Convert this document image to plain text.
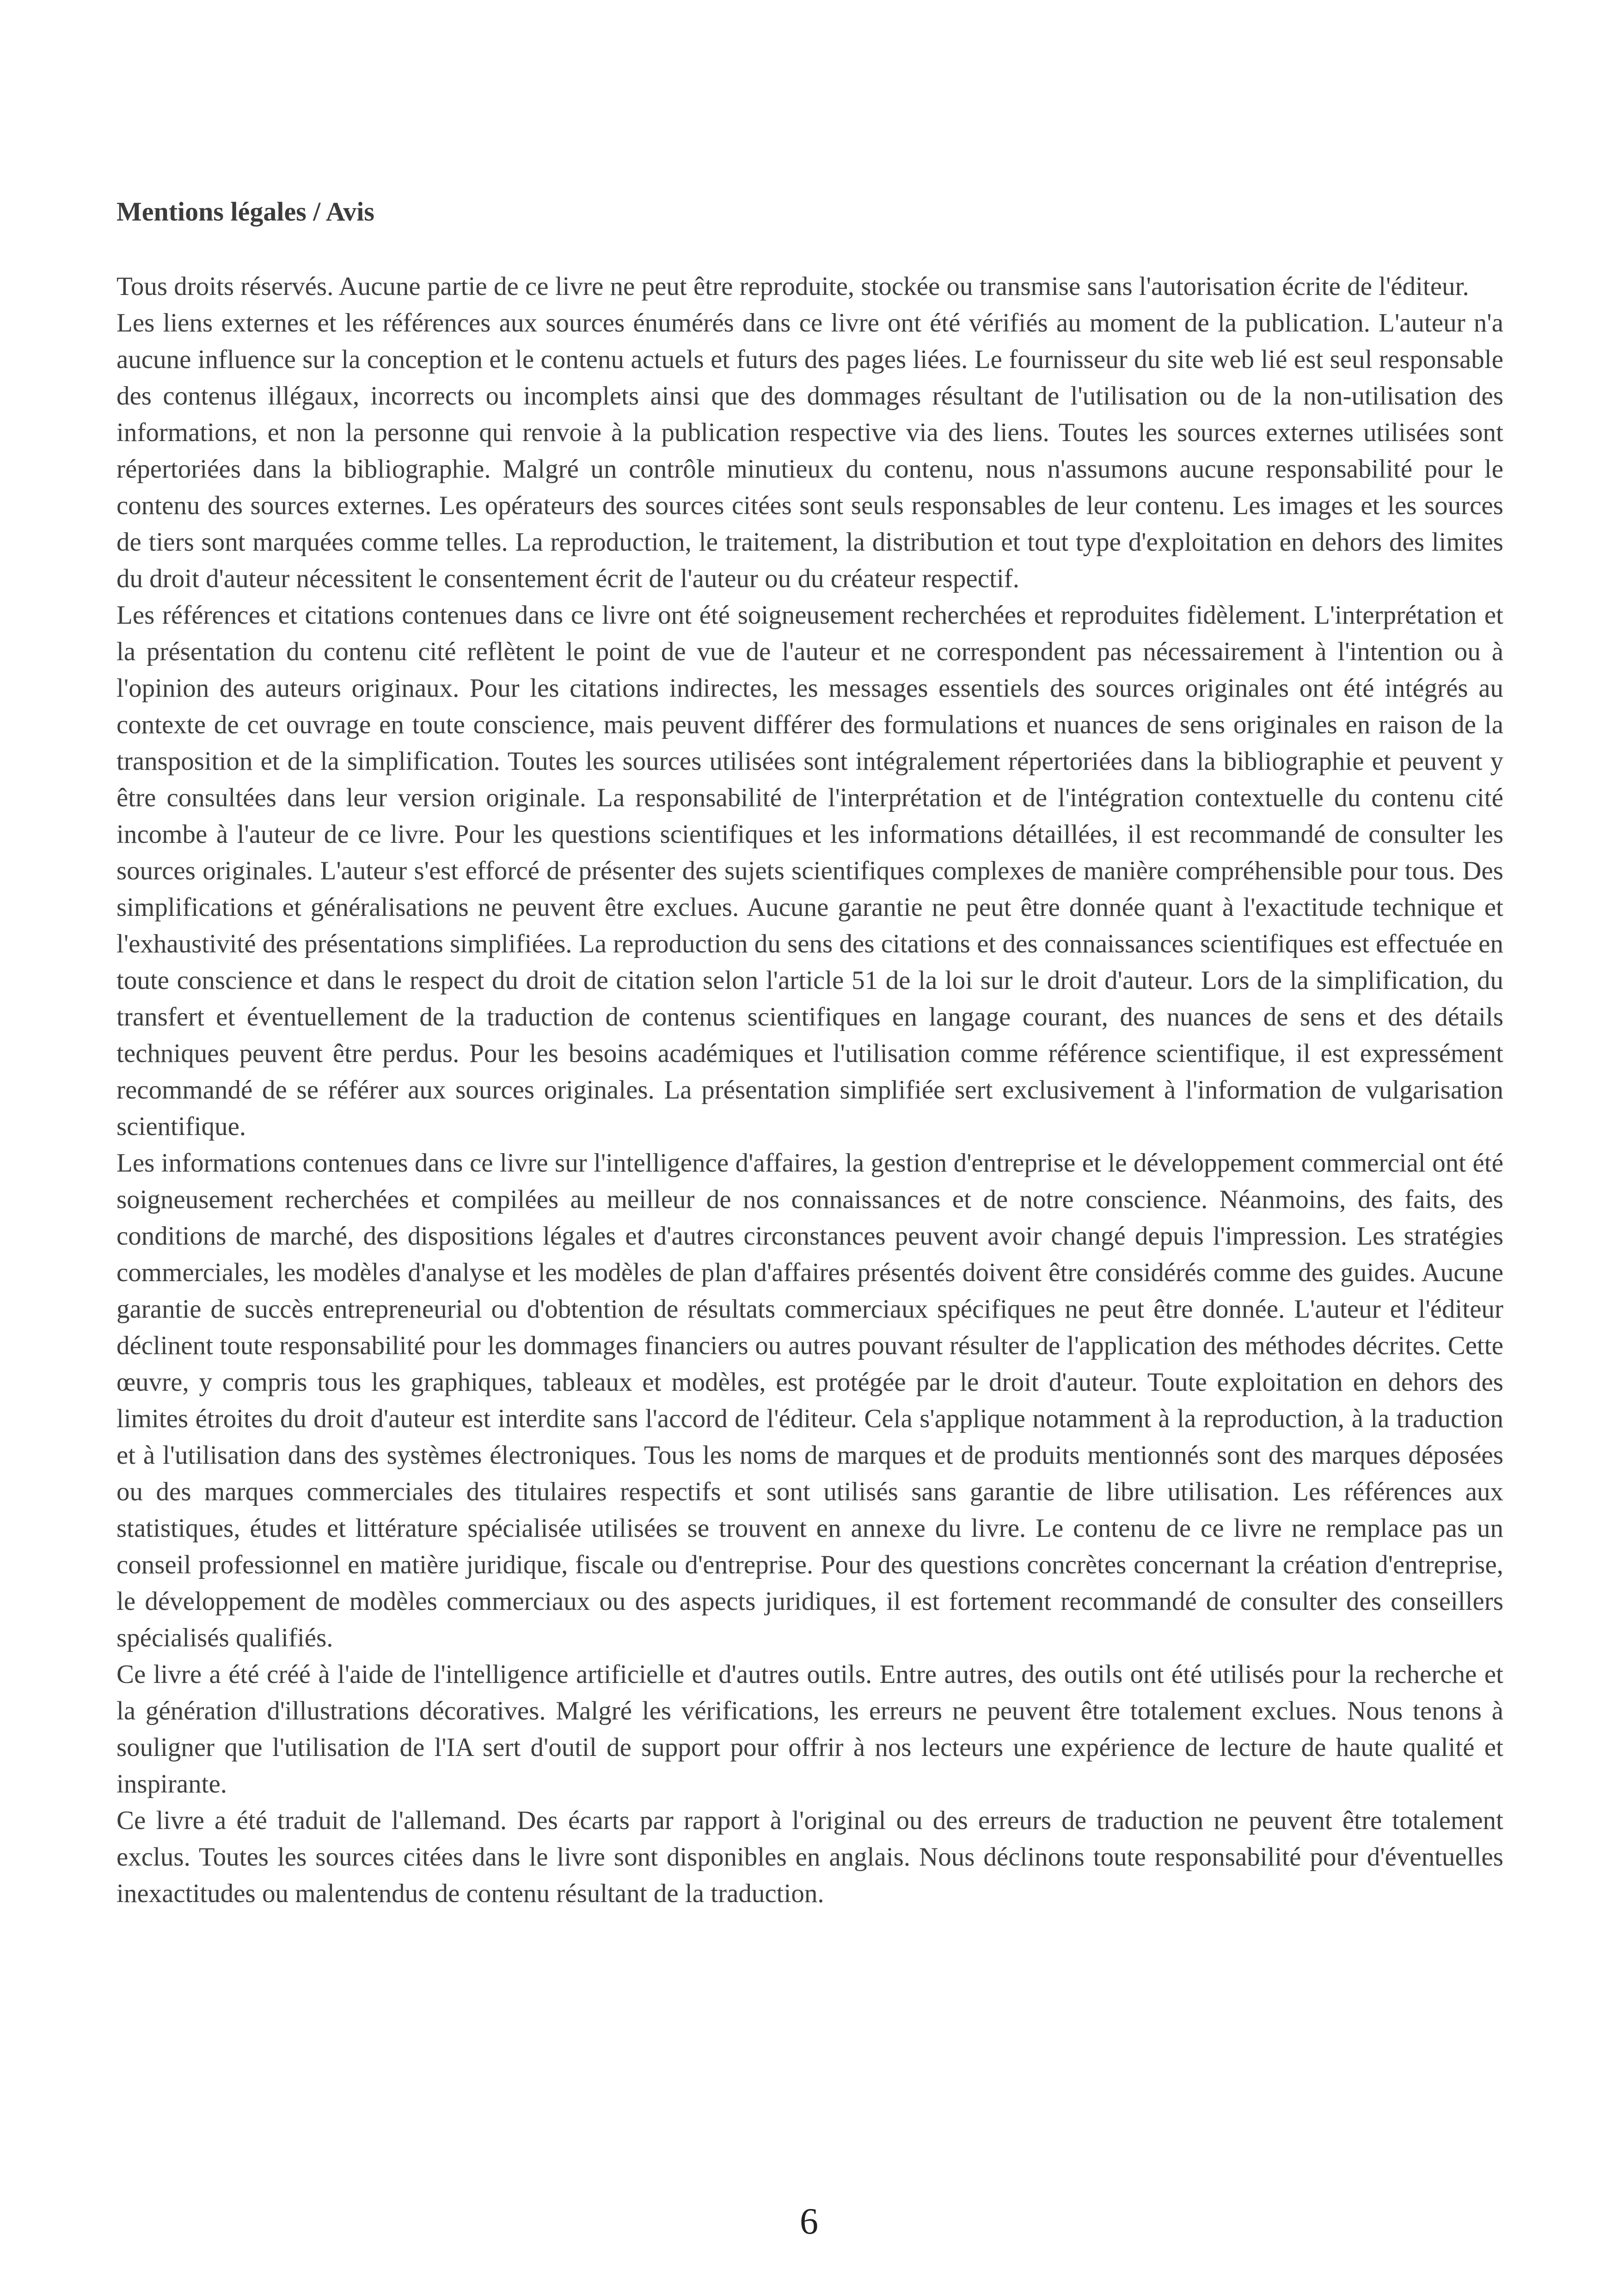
Mentions légales / Avis

Tous droits réservés. Aucune partie de ce livre ne peut être reproduite, stockée ou transmise sans l'autorisation écrite de l'éditeur.

Les liens externes et les références aux sources énumérés dans ce livre ont été vérifiés au moment de la publication. L'auteur n'a aucune influence sur la conception et le contenu actuels et futurs des pages liées. Le fournisseur du site web lié est seul responsable des contenus illégaux, incorrects ou incomplets ainsi que des dommages résultant de l'utilisation ou de la non-utilisation des informations, et non la personne qui renvoie à la publication respective via des liens. Toutes les sources externes utilisées sont répertoriées dans la bibliographie. Malgré un contrôle minutieux du contenu, nous n'assumons aucune responsabilité pour le contenu des sources externes. Les opérateurs des sources citées sont seuls responsables de leur contenu. Les images et les sources de tiers sont marquées comme telles. La reproduction, le traitement, la distribution et tout type d'exploitation en dehors des limites du droit d'auteur nécessitent le consentement écrit de l'auteur ou du créateur respectif.

Les références et citations contenues dans ce livre ont été soigneusement recherchées et reproduites fidèlement. L'interprétation et la présentation du contenu cité reflètent le point de vue de l'auteur et ne correspondent pas nécessairement à l'intention ou à l'opinion des auteurs originaux. Pour les citations indirectes, les messages essentiels des sources originales ont été intégrés au contexte de cet ouvrage en toute conscience, mais peuvent différer des formulations et nuances de sens originales en raison de la transposition et de la simplification. Toutes les sources utilisées sont intégralement répertoriées dans la bibliographie et peuvent y être consultées dans leur version originale. La responsabilité de l'interprétation et de l'intégration contextuelle du contenu cité incombe à l'auteur de ce livre. Pour les questions scientifiques et les informations détaillées, il est recommandé de consulter les sources originales. L'auteur s'est efforcé de présenter des sujets scientifiques complexes de manière compréhensible pour tous. Des simplifications et généralisations ne peuvent être exclues. Aucune garantie ne peut être donnée quant à l'exactitude technique et l'exhaustivité des présentations simplifiées. La reproduction du sens des citations et des connaissances scientifiques est effectuée en toute conscience et dans le respect du droit de citation selon l'article 51 de la loi sur le droit d'auteur. Lors de la simplification, du transfert et éventuellement de la traduction de contenus scientifiques en langage courant, des nuances de sens et des détails techniques peuvent être perdus. Pour les besoins académiques et l'utilisation comme référence scientifique, il est expressément recommandé de se référer aux sources originales. La présentation simplifiée sert exclusivement à l'information de vulgarisation scientifique.

Les informations contenues dans ce livre sur l'intelligence d'affaires, la gestion d'entreprise et le développement commercial ont été soigneusement recherchées et compilées au meilleur de nos connaissances et de notre conscience. Néanmoins, des faits, des conditions de marché, des dispositions légales et d'autres circonstances peuvent avoir changé depuis l'impression. Les stratégies commerciales, les modèles d'analyse et les modèles de plan d'affaires présentés doivent être considérés comme des guides. Aucune garantie de succès entrepreneurial ou d'obtention de résultats commerciaux spécifiques ne peut être donnée. L'auteur et l'éditeur déclinent toute responsabilité pour les dommages financiers ou autres pouvant résulter de l'application des méthodes décrites. Cette œuvre, y compris tous les graphiques, tableaux et modèles, est protégée par le droit d'auteur. Toute exploitation en dehors des limites étroites du droit d'auteur est interdite sans l'accord de l'éditeur. Cela s'applique notamment à la reproduction, à la traduction et à l'utilisation dans des systèmes électroniques. Tous les noms de marques et de produits mentionnés sont des marques déposées ou des marques commerciales des titulaires respectifs et sont utilisés sans garantie de libre utilisation. Les références aux statistiques, études et littérature spécialisée utilisées se trouvent en annexe du livre. Le contenu de ce livre ne remplace pas un conseil professionnel en matière juridique, fiscale ou d'entreprise. Pour des questions concrètes concernant la création d'entreprise, le développement de modèles commerciaux ou des aspects juridiques, il est fortement recommandé de consulter des conseillers spécialisés qualifiés.

Ce livre a été créé à l'aide de l'intelligence artificielle et d'autres outils. Entre autres, des outils ont été utilisés pour la recherche et la génération d'illustrations décoratives. Malgré les vérifications, les erreurs ne peuvent être totalement exclues. Nous tenons à souligner que l'utilisation de l'IA sert d'outil de support pour offrir à nos lecteurs une expérience de lecture de haute qualité et inspirante.

Ce livre a été traduit de l'allemand. Des écarts par rapport à l'original ou des erreurs de traduction ne peuvent être totalement exclus. Toutes les sources citées dans le livre sont disponibles en anglais. Nous déclinons toute responsabilité pour d'éventuelles inexactitudes ou malentendus de contenu résultant de la traduction.

6
